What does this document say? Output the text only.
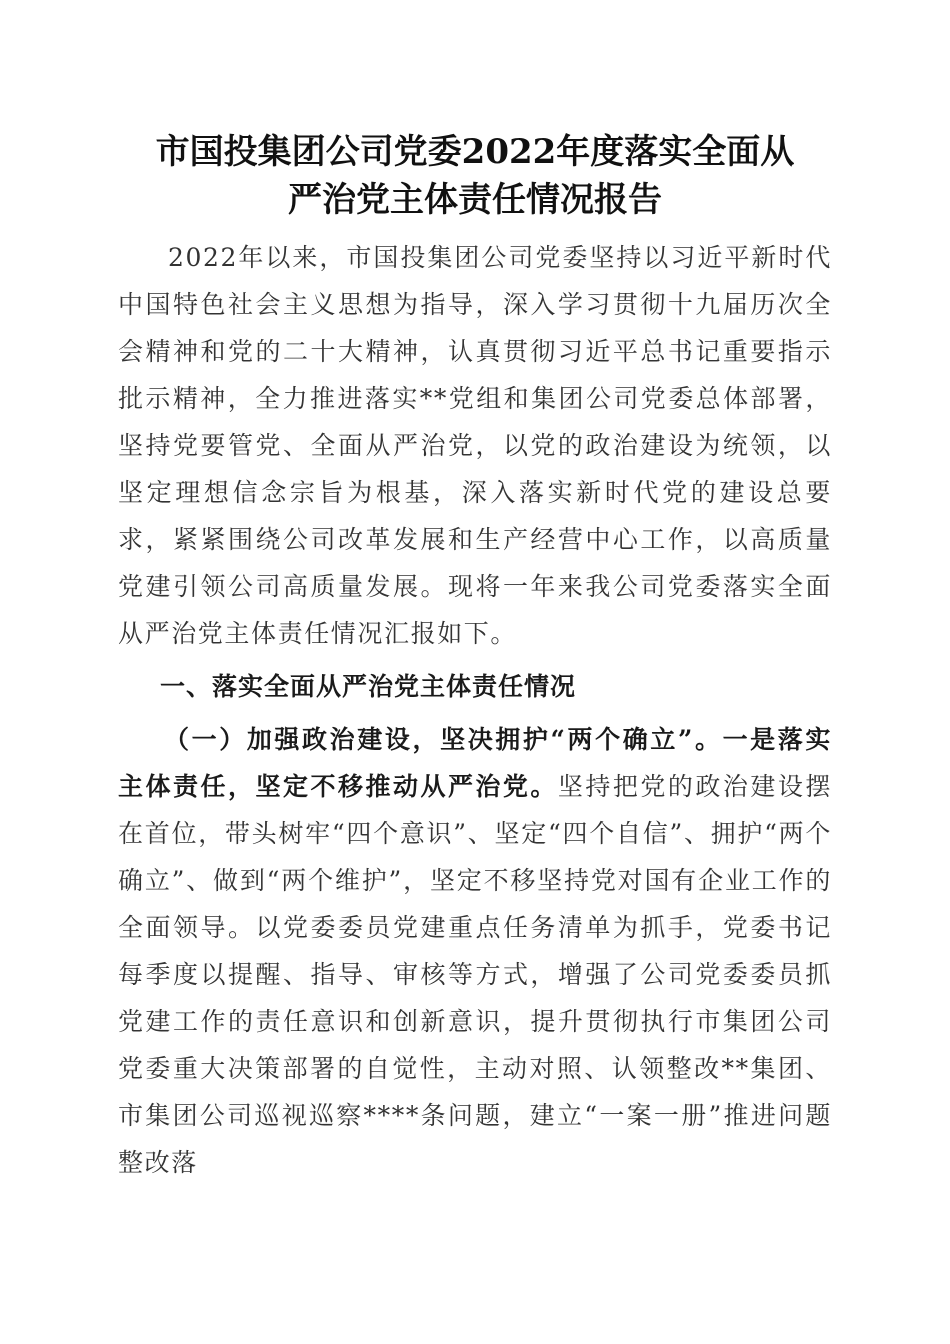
市国投集团公司党委2022年度落实全面从
严治党主体责任情况报告

2022年以来，市国投集团公司党委坚持以习近平新时代中国特色社会主义思想为指导，深入学习贯彻十九届历次全会精神和党的二十大精神，认真贯彻习近平总书记重要指示批示精神，全力推进落实**党组和集团公司党委总体部署，坚持党要管党、全面从严治党，以党的政治建设为统领，以坚定理想信念宗旨为根基，深入落实新时代党的建设总要求，紧紧围绕公司改革发展和生产经营中心工作，以高质量党建引领公司高质量发展。现将一年来我公司党委落实全面从严治党主体责任情况汇报如下。

一、落实全面从严治党主体责任情况

（一）加强政治建设，坚决拥护“两个确立”。一是落实主体责任，坚定不移推动从严治党。坚持把党的政治建设摆在首位，带头树牢“四个意识”、坚定“四个自信”、拥护“两个确立”、做到“两个维护”，坚定不移坚持党对国有企业工作的全面领导。以党委委员党建重点任务清单为抓手，党委书记每季度以提醒、指导、审核等方式，增强了公司党委委员抓党建工作的责任意识和创新意识，提升贯彻执行市集团公司党委重大决策部署的自觉性，主动对照、认领整改**集团、市集团公司巡视巡察****条问题，建立“一案一册”推进问题整改落
